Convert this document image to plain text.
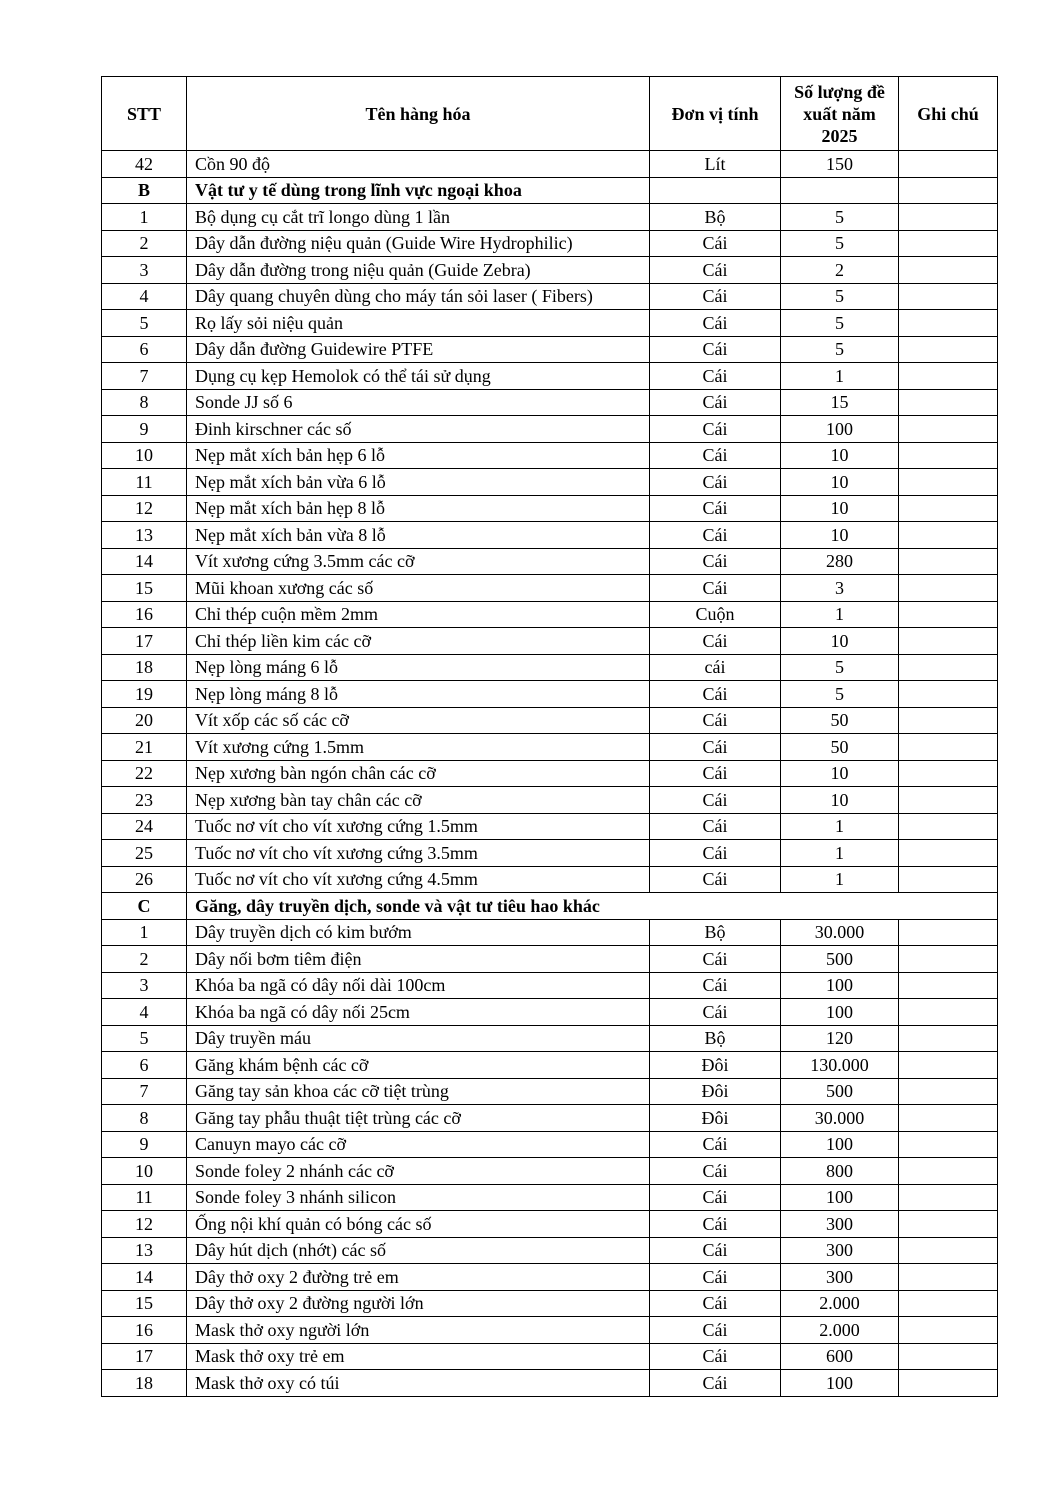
STT	Tên hàng hóa	Đơn vị tính	Số lượng đề xuất năm 2025	Ghi chú
42	Cồn 90 độ	Lít	150	
B	Vật tư y tế dùng trong lĩnh vực ngoại khoa			
1	Bộ dụng cụ cắt trĩ longo dùng 1 lần	Bộ	5	
2	Dây dẫn đường niệu quản (Guide Wire Hydrophilic)	Cái	5	
3	Dây dẫn đường trong niệu quản (Guide Zebra)	Cái	2	
4	Dây quang chuyên dùng cho máy tán sỏi laser ( Fibers)	Cái	5	
5	Rọ lấy sỏi niệu quản	Cái	5	
6	Dây dẫn đường Guidewire PTFE	Cái	5	
7	Dụng cụ kẹp Hemolok có thể tái sử dụng	Cái	1	
8	Sonde JJ số 6	Cái	15	
9	Đinh kirschner các số	Cái	100	
10	Nẹp mắt xích bản hẹp 6 lỗ	Cái	10	
11	Nẹp mắt xích bản vừa 6 lỗ	Cái	10	
12	Nẹp mắt xích bản hẹp 8 lỗ	Cái	10	
13	Nẹp mắt xích bản vừa 8 lỗ	Cái	10	
14	Vít xương cứng 3.5mm các cỡ	Cái	280	
15	Mũi khoan xương các số	Cái	3	
16	Chỉ thép cuộn mềm 2mm	Cuộn	1	
17	Chỉ thép liền kim các cỡ	Cái	10	
18	Nẹp lòng máng 6 lỗ	cái	5	
19	Nẹp lòng máng 8 lỗ	Cái	5	
20	Vít xốp các số các cỡ	Cái	50	
21	Vít xương cứng 1.5mm	Cái	50	
22	Nẹp xương bàn ngón chân các cỡ	Cái	10	
23	Nẹp xương bàn tay chân các cỡ	Cái	10	
24	Tuốc nơ vít cho vít xương cứng 1.5mm	Cái	1	
25	Tuốc nơ vít cho vít xương cứng 3.5mm	Cái	1	
26	Tuốc nơ vít cho vít xương cứng 4.5mm	Cái	1	
C	Găng, dây truyền dịch, sonde và vật tư tiêu hao khác			
1	Dây truyền dịch có kim bướm	Bộ	30.000	
2	Dây nối bơm tiêm điện	Cái	500	
3	Khóa ba ngã có dây nối dài 100cm	Cái	100	
4	Khóa ba ngã có dây nối 25cm	Cái	100	
5	Dây truyền máu	Bộ	120	
6	Găng khám bệnh các cỡ	Đôi	130.000	
7	Găng tay sản khoa các cỡ tiệt trùng	Đôi	500	
8	Găng tay phẫu thuật tiệt trùng các cỡ	Đôi	30.000	
9	Canuyn mayo các cỡ	Cái	100	
10	Sonde foley 2 nhánh các cỡ	Cái	800	
11	Sonde foley 3 nhánh silicon	Cái	100	
12	Ống nội khí quản có bóng các số	Cái	300	
13	Dây hút dịch (nhớt) các số	Cái	300	
14	Dây thở oxy 2 đường trẻ em	Cái	300	
15	Dây thở oxy 2 đường người lớn	Cái	2.000	
16	Mask thở oxy người lớn	Cái	2.000	
17	Mask thở oxy trẻ em	Cái	600	
18	Mask thở oxy có túi	Cái	100	
